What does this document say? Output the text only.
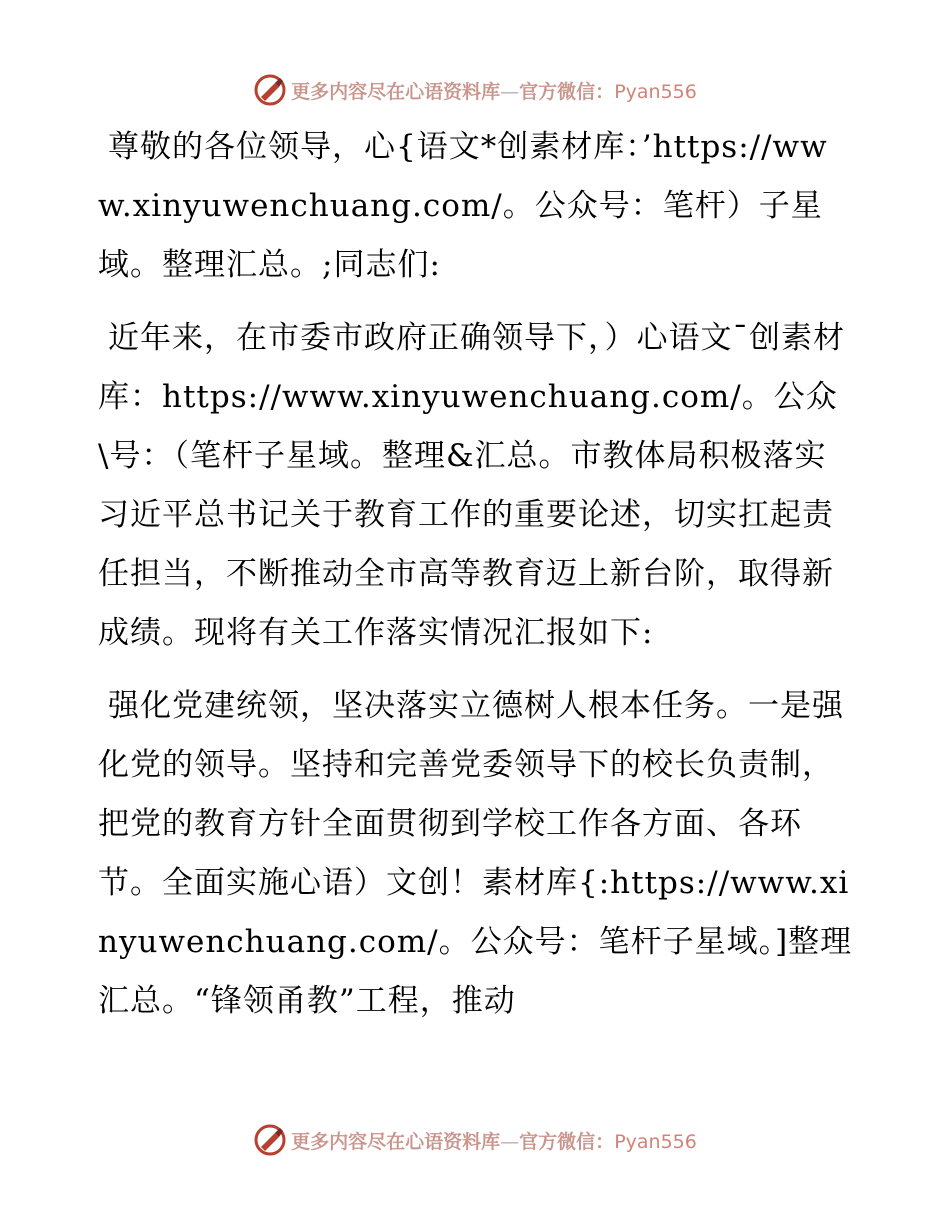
更多内容尽在心语资料库—官方微信：Pyan556

尊敬的各位领导，心{语文*创素材库：’https://www.xinyuwenchuang.com/。公众号：笔杆）子星域。整理汇总。;同志们:

近年来，在市委市政府正确领导下，）心语文¯创素材库：https://www.xinyuwenchuang.com/。公众\号：（笔杆子星域。整理&汇总。市教体局积极落实习近平总书记关于教育工作的重要论述，切实扛起责任担当，不断推动全市高等教育迈上新台阶，取得新成绩。现将有关工作落实情况汇报如下:

强化党建统领，坚决落实立德树人根本任务。一是强化党的领导。坚持和完善党委领导下的校长负责制，把党的教育方针全面贯彻到学校工作各方面、各环节。全面实施心语）文创！素材库{:https://www.xinyuwenchuang.com/。公众号：笔杆子星域。]整理汇总。“锋领甬教”工程，推动

更多内容尽在心语资料库—官方微信：Pyan556
